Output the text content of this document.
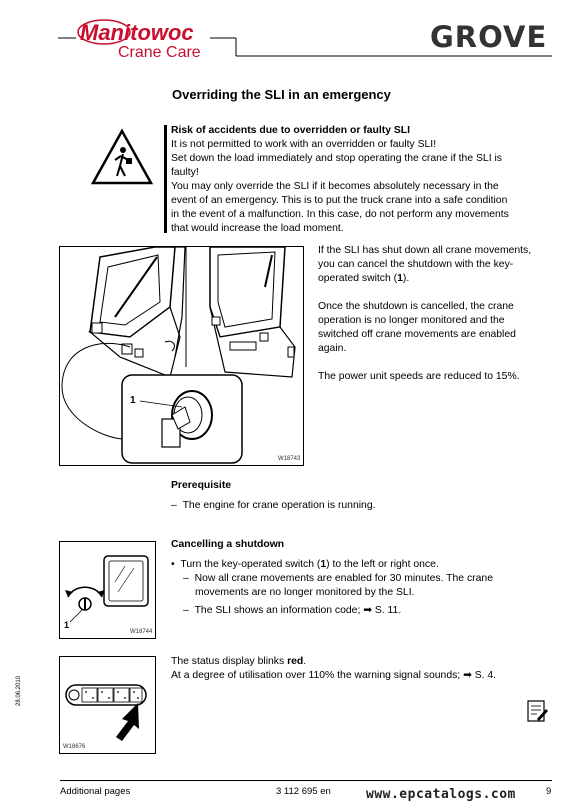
Manitowoc
Crane Care	GROVE
Overriding the SLI in an emergency
Risk of accidents due to overridden or faulty SLI
It is not permitted to work with an overridden or faulty SLI!
Set down the load immediately and stop operating the crane if the SLI is
faulty!
You may only override the SLI if it becomes absolutely necessary in the
event of an emergency. This is to put the truck crane into a safe condition
in the event of a malfunction. In this case, do not perform any movements
that would increase the load moment.
1
W18743

If the SLI has shut down all crane movements,
you can cancel the shutdown with the key-
operated switch (1).

Once the shutdown is cancelled, the crane
operation is no longer monitored and the
switched off crane movements are enabled
again.

The power unit speeds are reduced to 15%.

Prerequisite
–  The engine for crane operation is running.
1
W18744
Cancelling a shutdown
•  Turn the key-operated switch (1) to the left or right once.
–  Now all crane movements are enabled for 30 minutes. The crane
movements are no longer monitored by the SLI.
–  The SLI shows an information code; ➡ S. 11.
W18676
The status display blinks red.
At a degree of utilisation over 110% the warning signal sounds; ➡ S. 4.
28.06.2010
Additional pages	3 112 695 en	www.epcatalogs.com	9
